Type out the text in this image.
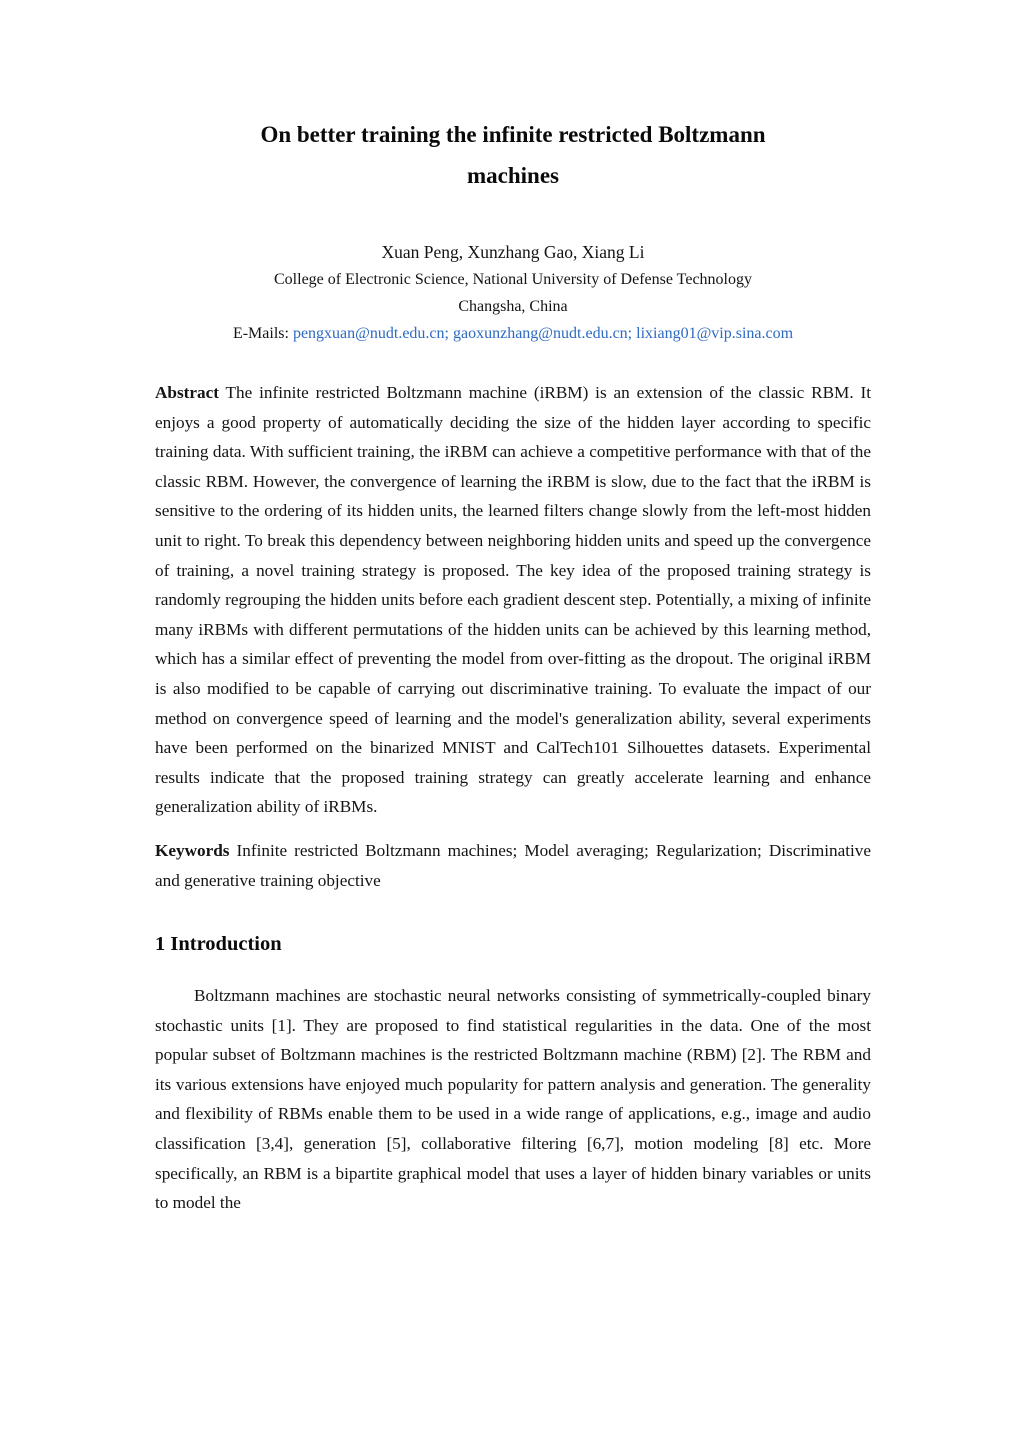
On better training the infinite restricted Boltzmann
machines
Xuan Peng, Xunzhang Gao, Xiang Li
College of Electronic Science, National University of Defense Technology
Changsha, China
E-Mails: pengxuan@nudt.edu.cn; gaoxunzhang@nudt.edu.cn; lixiang01@vip.sina.com

Abstract The infinite restricted Boltzmann machine (iRBM) is an extension of the classic RBM. It enjoys a good property of automatically deciding the size of the hidden layer according to specific training data. With sufficient training, the iRBM can achieve a competitive performance with that of the classic RBM. However, the convergence of learning the iRBM is slow, due to the fact that the iRBM is sensitive to the ordering of its hidden units, the learned filters change slowly from the left-most hidden unit to right. To break this dependency between neighboring hidden units and speed up the convergence of training, a novel training strategy is proposed. The key idea of the proposed training strategy is randomly regrouping the hidden units before each gradient descent step. Potentially, a mixing of infinite many iRBMs with different permutations of the hidden units can be achieved by this learning method, which has a similar effect of preventing the model from over-fitting as the dropout. The original iRBM is also modified to be capable of carrying out discriminative training. To evaluate the impact of our method on convergence speed of learning and the model's generalization ability, several experiments have been performed on the binarized MNIST and CalTech101 Silhouettes datasets. Experimental results indicate that the proposed training strategy can greatly accelerate learning and enhance generalization ability of iRBMs.

Keywords Infinite restricted Boltzmann machines; Model averaging; Regularization; Discriminative and generative training objective

1 Introduction

Boltzmann machines are stochastic neural networks consisting of symmetrically-coupled binary stochastic units [1]. They are proposed to find statistical regularities in the data. One of the most popular subset of Boltzmann machines is the restricted Boltzmann machine (RBM) [2]. The RBM and its various extensions have enjoyed much popularity for pattern analysis and generation. The generality and flexibility of RBMs enable them to be used in a wide range of applications, e.g., image and audio classification [3,4], generation [5], collaborative filtering [6,7], motion modeling [8] etc. More specifically, an RBM is a bipartite graphical model that uses a layer of hidden binary variables or units to model the
